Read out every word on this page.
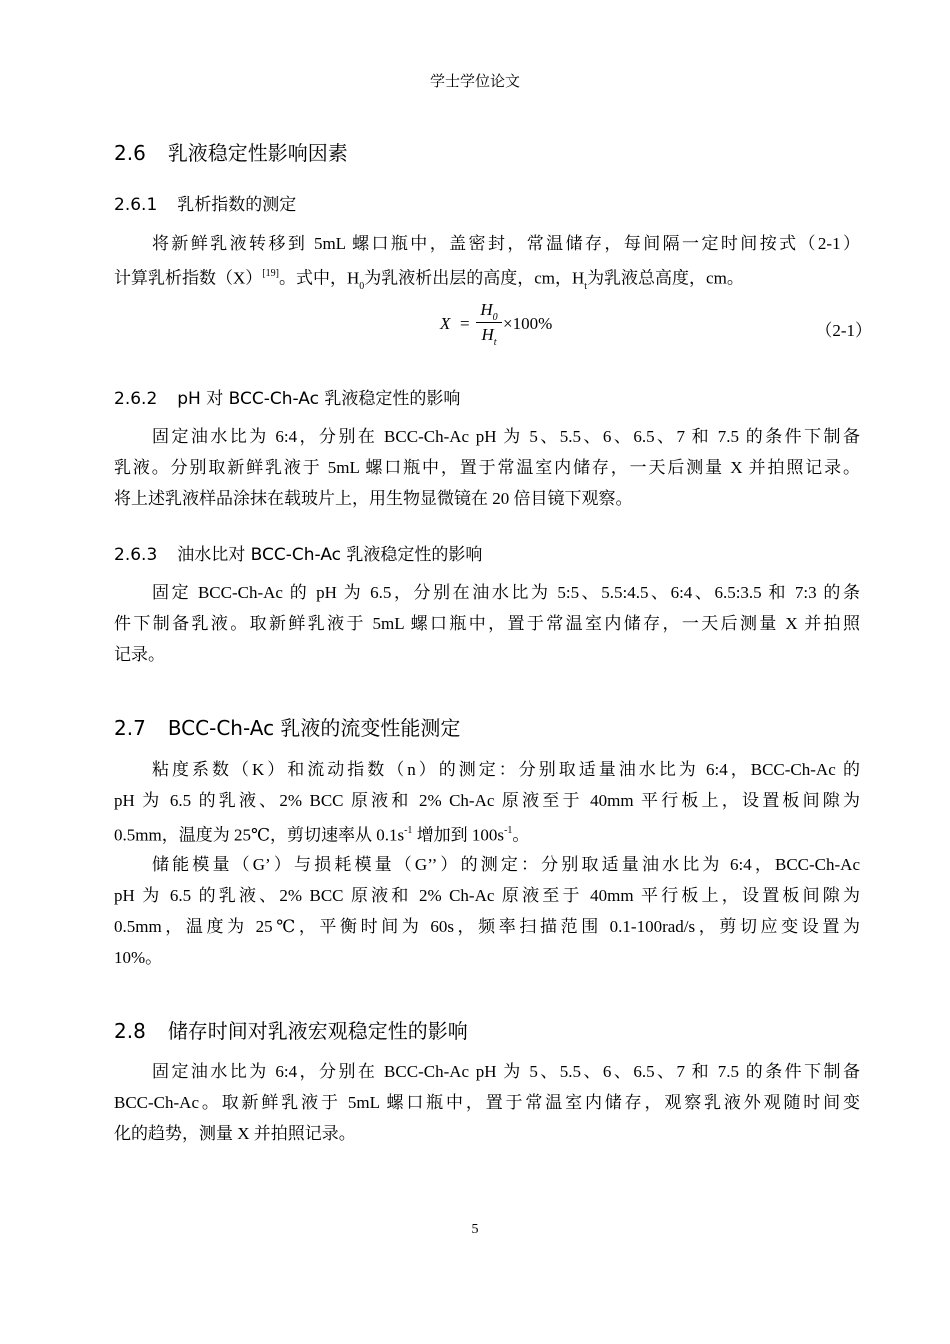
学士学位论文
2.6 乳液稳定性影响因素
2.6.1 乳析指数的测定
将新鲜乳液转移到 5mL 螺口瓶中，盖密封，常温储存，每间隔一定时间按式（2-1）
计算乳析指数（X）[19]。式中，$H_0$为乳液析出层的高度，cm，$H_t$为乳液总高度，cm。
X =
$H_0$
$H_t$
×100%	（2-1）
2.6.2 pH 对 BCC-Ch-Ac 乳液稳定性的影响
固定油水比为 6:4，分别在 BCC-Ch-Ac pH 为 5、5.5、6、6.5、7 和 7.5 的条件下制备
乳液。分别取新鲜乳液于 5mL 螺口瓶中，置于常温室内储存，一天后测量 X 并拍照记录。
将上述乳液样品涂抹在载玻片上，用生物显微镜在 20 倍目镜下观察。
2.6.3 油水比对 BCC-Ch-Ac 乳液稳定性的影响
固定 BCC-Ch-Ac 的 pH 为 6.5，分别在油水比为 5:5、5.5:4.5、6:4、6.5:3.5 和 7:3 的条
件下制备乳液。取新鲜乳液于 5mL 螺口瓶中，置于常温室内储存，一天后测量 X 并拍照
记录。
2.7 BCC-Ch-Ac 乳液的流变性能测定
粘度系数（K）和流动指数（n）的测定：分别取适量油水比为 6:4，BCC-Ch-Ac 的
pH 为 6.5 的乳液、2% BCC 原液和 2% Ch-Ac 原液至于 40mm 平行板上，设置板间隙为
0.5mm，温度为 25℃，剪切速率从 $0.1s^{-1}$ 增加到 $100s^{-1}$。
储能模量（G’）与损耗模量（G’’）的测定：分别取适量油水比为 6:4，BCC-Ch-Ac
pH 为 6.5 的乳液、2% BCC 原液和 2% Ch-Ac 原液至于 40mm 平行板上，设置板间隙为
0.5mm，温度为 25℃，平衡时间为 60s，频率扫描范围 0.1-100rad/s，剪切应变设置为
10%。
2.8 储存时间对乳液宏观稳定性的影响
固定油水比为 6:4，分别在 BCC-Ch-Ac pH 为 5、5.5、6、6.5、7 和 7.5 的条件下制备
BCC-Ch-Ac。取新鲜乳液于 5mL 螺口瓶中，置于常温室内储存，观察乳液外观随时间变
化的趋势，测量 X 并拍照记录。
5
